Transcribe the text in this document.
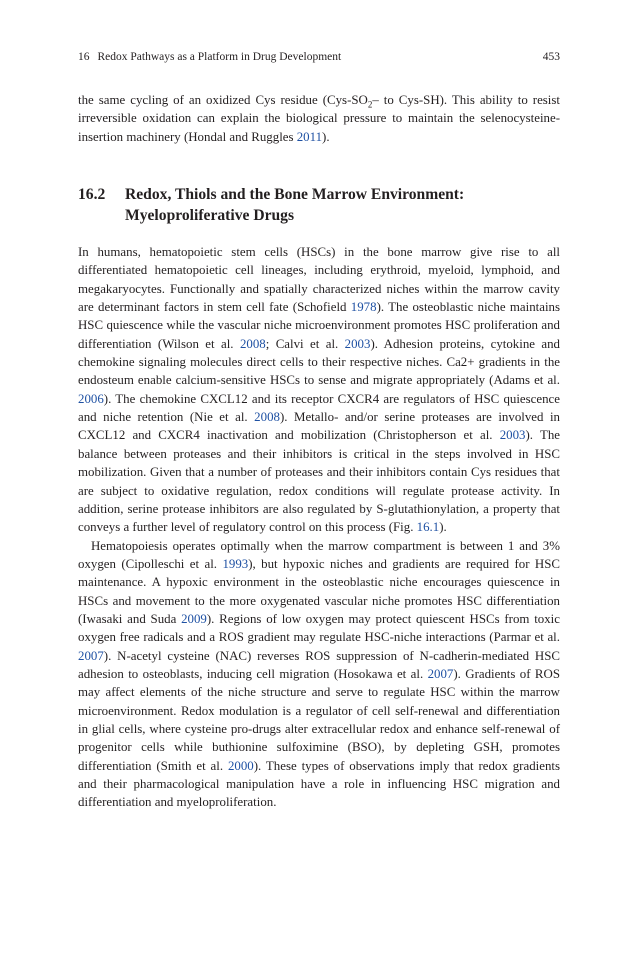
16 Redox Pathways as a Platform in Drug Development	453

the same cycling of an oxidized Cys residue ($Cys-SO_2-$ to Cys-SH). This ability to resist irreversible oxidation can explain the biological pressure to maintain the selenocysteine-insertion machinery (Hondal and Ruggles 2011).

16.2	Redox, Thiols and the Bone Marrow Environment:
Myeloproliferative Drugs

In humans, hematopoietic stem cells (HSCs) in the bone marrow give rise to all differentiated hematopoietic cell lineages, including erythroid, myeloid, lymphoid, and megakaryocytes. Functionally and spatially characterized niches within the marrow cavity are determinant factors in stem cell fate (Schofield 1978). The osteoblastic niche maintains HSC quiescence while the vascular niche microenvironment promotes HSC proliferation and differentiation (Wilson et al. 2008; Calvi et al. 2003). Adhesion proteins, cytokine and chemokine signaling molecules direct cells to their respective niches. Ca2+ gradients in the endosteum enable calcium-sensitive HSCs to sense and migrate appropriately (Adams et al. 2006). The chemokine CXCL12 and its receptor CXCR4 are regulators of HSC quiescence and niche retention (Nie et al. 2008). Metallo- and/or serine proteases are involved in CXCL12 and CXCR4 inactivation and mobilization (Christopherson et al. 2003). The balance between proteases and their inhibitors is critical in the steps involved in HSC mobilization. Given that a number of proteases and their inhibitors contain Cys residues that are subject to oxidative regulation, redox conditions will regulate protease activity. In addition, serine protease inhibitors are also regulated by S-glutathionylation, a property that conveys a further level of regulatory control on this process (Fig. 16.1).

Hematopoiesis operates optimally when the marrow compartment is between 1 and 3% oxygen (Cipolleschi et al. 1993), but hypoxic niches and gradients are required for HSC maintenance. A hypoxic environment in the osteoblastic niche encourages quiescence in HSCs and movement to the more oxygenated vascular niche promotes HSC differentiation (Iwasaki and Suda 2009). Regions of low oxygen may protect quiescent HSCs from toxic oxygen free radicals and a ROS gradient may regulate HSC-niche interactions (Parmar et al. 2007). N-acetyl cysteine (NAC) reverses ROS suppression of N-cadherin-mediated HSC adhesion to osteoblasts, inducing cell migration (Hosokawa et al. 2007). Gradients of ROS may affect elements of the niche structure and serve to regulate HSC within the marrow microenvironment. Redox modulation is a regulator of cell self-renewal and differentiation in glial cells, where cysteine pro-drugs alter extracellular redox and enhance self-renewal of progenitor cells while buthionine sulfoximine (BSO), by depleting GSH, promotes differentiation (Smith et al. 2000). These types of observations imply that redox gradients and their pharmacological manipulation have a role in influencing HSC migration and differentiation and myeloproliferation.
